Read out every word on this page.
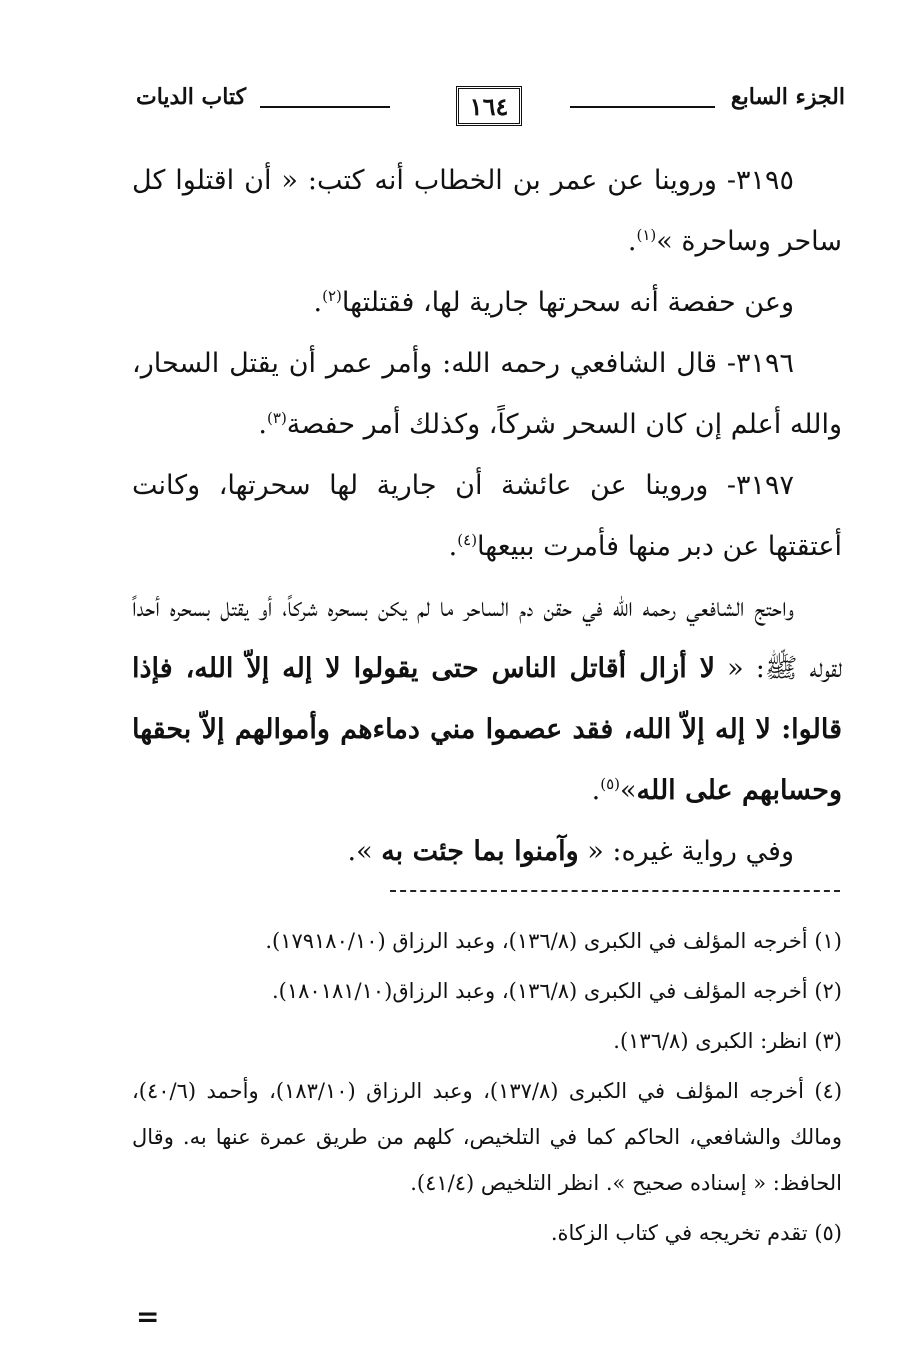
الجزء السابع
١٦٤
كتاب الديات

٣١٩٥- وروينا عن عمر بن الخطاب أنه كتب: « أن اقتلوا كل ساحر وساحرة »$^{(١)}$.

وعن حفصة أنه سحرتها جارية لها، فقتلتها$^{(٢)}$.

٣١٩٦- قال الشافعي رحمه الله: وأمر عمر أن يقتل السحار، والله أعلم إن كان السحر شركاً، وكذلك أمر حفصة$^{(٣)}$.

٣١٩٧- وروينا عن عائشة أن جارية لها سحرتها، وكانت أعتقتها عن دبر منها فأمرت ببيعها$^{(٤)}$.

واحتج الشافعي رحمه الله في حقن دم الساحر ما لم يكن بسحره شركاً، أو يقتل بسحره أحداً لقوله ﷺ: « لا أزال أقاتل الناس حتى يقولوا لا إله إلاّ الله، فإذا قالوا: لا إله إلاّ الله، فقد عصموا مني دماءهم وأموالهم إلاّ بحقها وحسابهم على الله»$^{(٥)}$.

وفي رواية غيره: « وآمنوا بما جئت به ».

(١) أخرجه المؤلف في الكبرى (١٣٦/٨)، وعبد الرزاق (١٧٩١٨٠/١٠).

(٢) أخرجه المؤلف في الكبرى (١٣٦/٨)، وعبد الرزاق(١٨٠١٨١/١٠).

(٣) انظر: الكبرى (١٣٦/٨).

(٤) أخرجه المؤلف في الكبرى (١٣٧/٨)، وعبد الرزاق (١٨٣/١٠)، وأحمد (٤٠/٦)، ومالك والشافعي، الحاكم كما في التلخيص، كلهم من طريق عمرة عنها به. وقال الحافظ: « إسناده صحيح ». انظر التلخيص (٤١/٤).

(٥) تقدم تخريجه في كتاب الزكاة.

=
